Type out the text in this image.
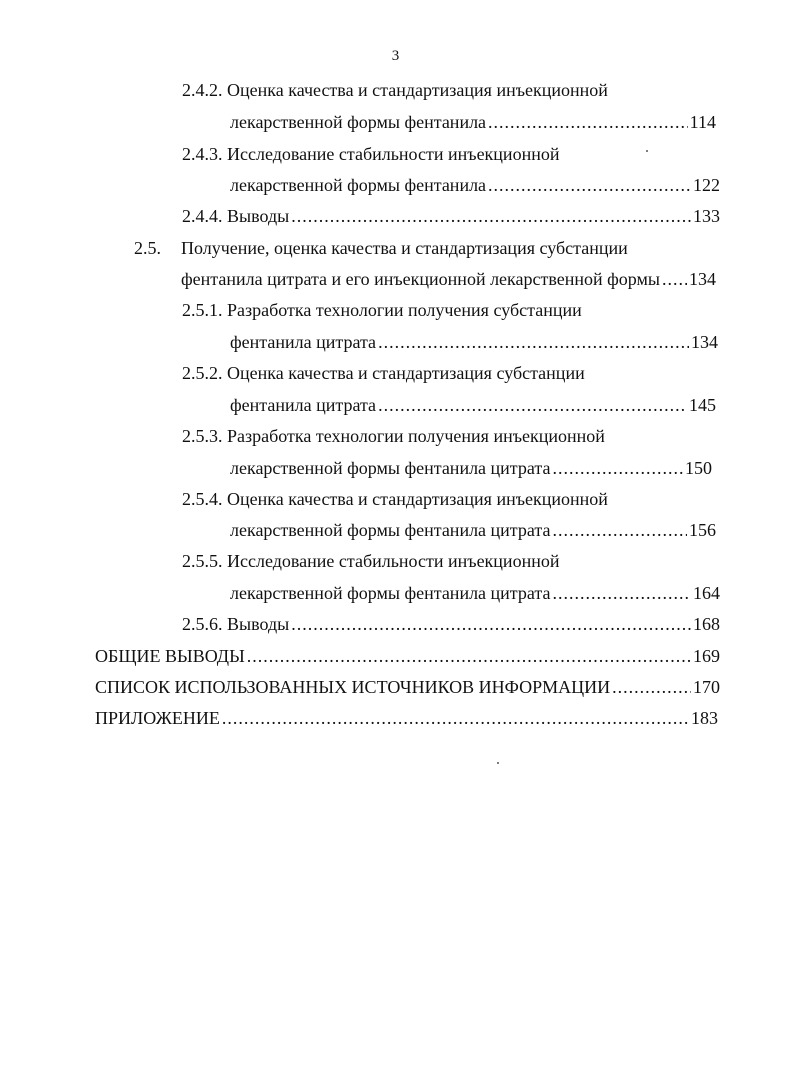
3
2.4.2. Оценка качества и стандартизация инъекционной
лекарственной формы фентанила .....	114
2.4.3. Исследование стабильности инъекционной
лекарственной формы фентанила .....	122
2.4.4. Выводы .....	133
2.5. Получение, оценка качества и стандартизация субстанции
фентанила цитрата и его инъекционной лекарственной формы ..... 134
2.5.1. Разработка технологии получения субстанции
фентанила цитрата .....	134
2.5.2. Оценка качества и стандартизация субстанции
фентанила цитрата .....	145
2.5.3. Разработка технологии получения инъекционной
лекарственной формы фентанила цитрата .....	150
2.5.4. Оценка качества и стандартизация инъекционной
лекарственной формы фентанила цитрата .....	156
2.5.5. Исследование стабильности инъекционной
лекарственной формы фентанила цитрата .....	164
2.5.6. Выводы .....	168
ОБЩИЕ ВЫВОДЫ .....	169
СПИСОК ИСПОЛЬЗОВАННЫХ ИСТОЧНИКОВ ИНФОРМАЦИИ .....	170
ПРИЛОЖЕНИЕ .....	183
